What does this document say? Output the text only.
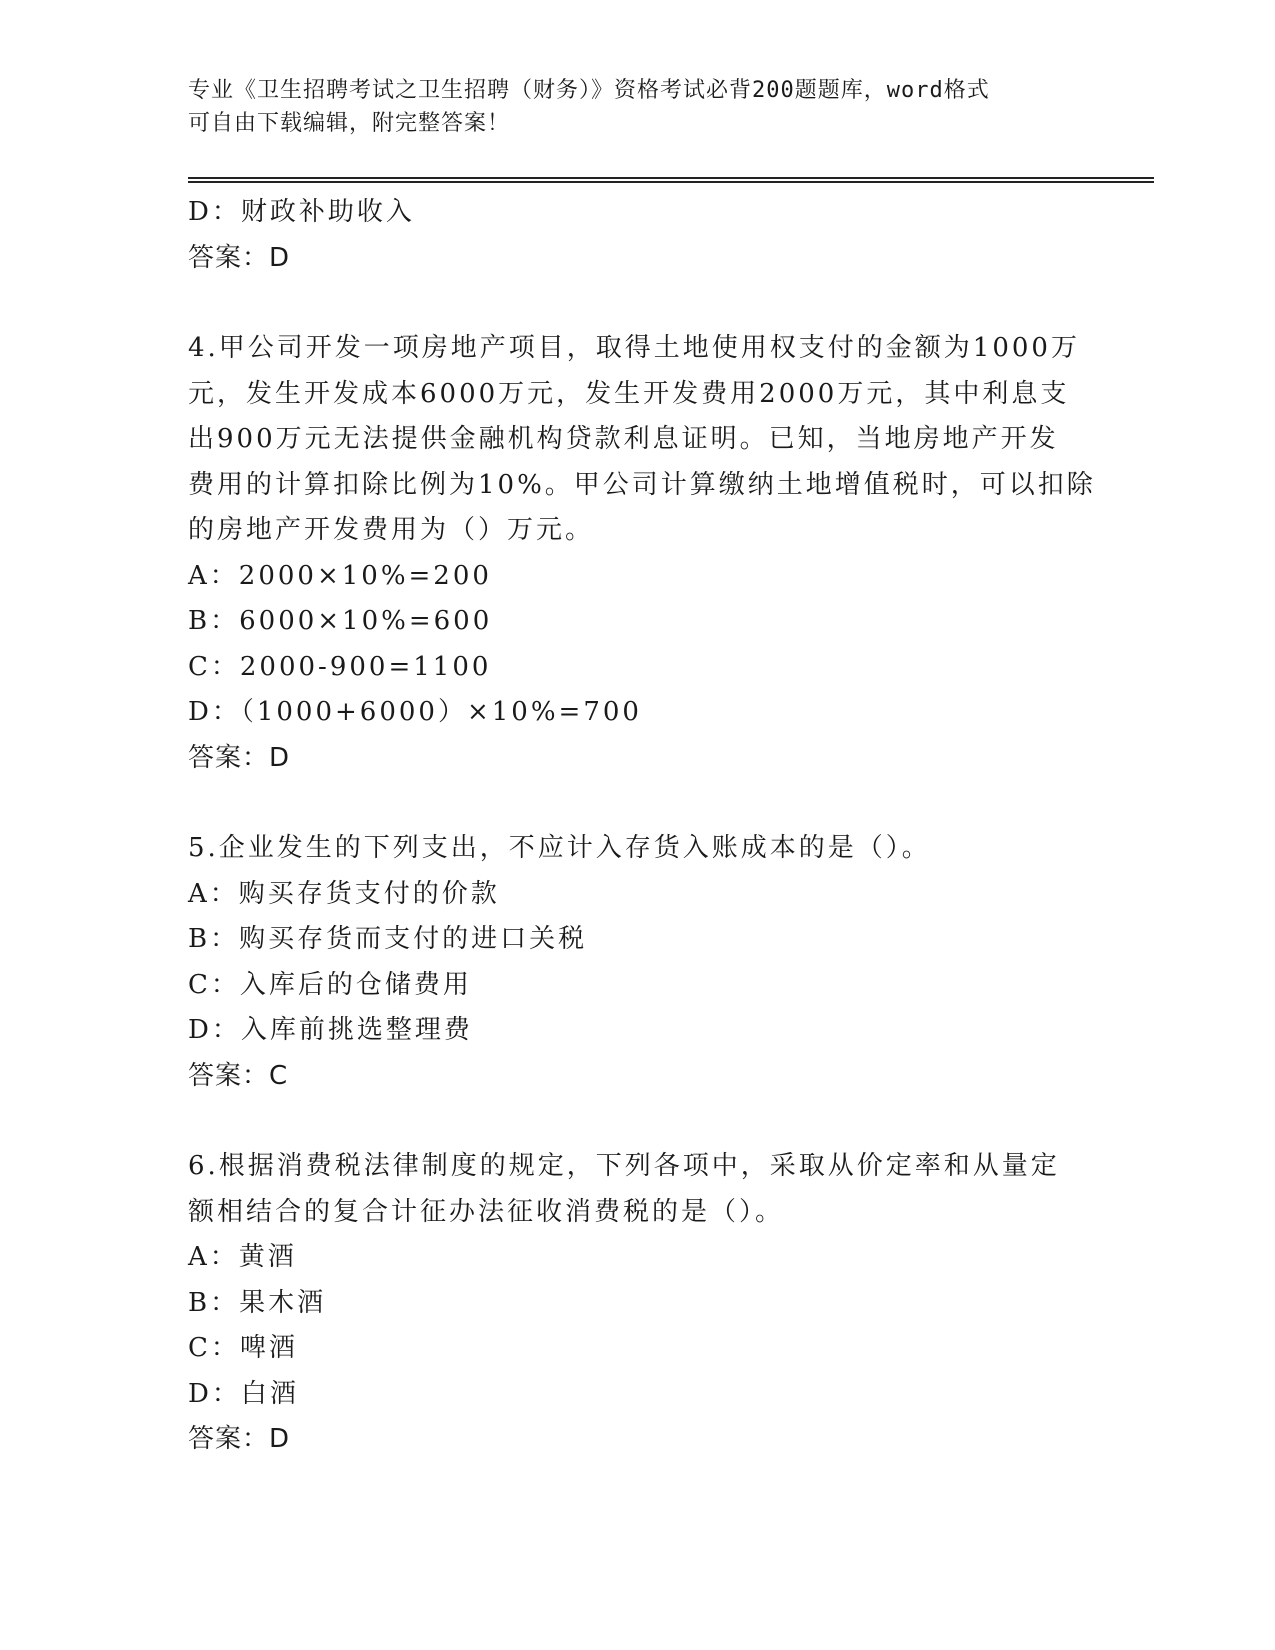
专业《卫生招聘考试之卫生招聘（财务）》资格考试必背200题题库，word格式
可自由下载编辑，附完整答案！
D：财政补助收入
答案：D
4.甲公司开发一项房地产项目，取得土地使用权支付的金额为1000万
元，发生开发成本6000万元，发生开发费用2000万元，其中利息支
出900万元无法提供金融机构贷款利息证明。已知，当地房地产开发
费用的计算扣除比例为10%。甲公司计算缴纳土地增值税时，可以扣除
的房地产开发费用为（）万元。
A：2000×10%=200
B：6000×10%=600
C：2000-900=1100
D：（1000+6000）×10%=700
答案：D
5.企业发生的下列支出，不应计入存货入账成本的是（）。
A：购买存货支付的价款
B：购买存货而支付的进口关税
C：入库后的仓储费用
D：入库前挑选整理费
答案：C
6.根据消费税法律制度的规定，下列各项中，采取从价定率和从量定
额相结合的复合计征办法征收消费税的是（）。
A：黄酒
B：果木酒
C：啤酒
D：白酒
答案：D
